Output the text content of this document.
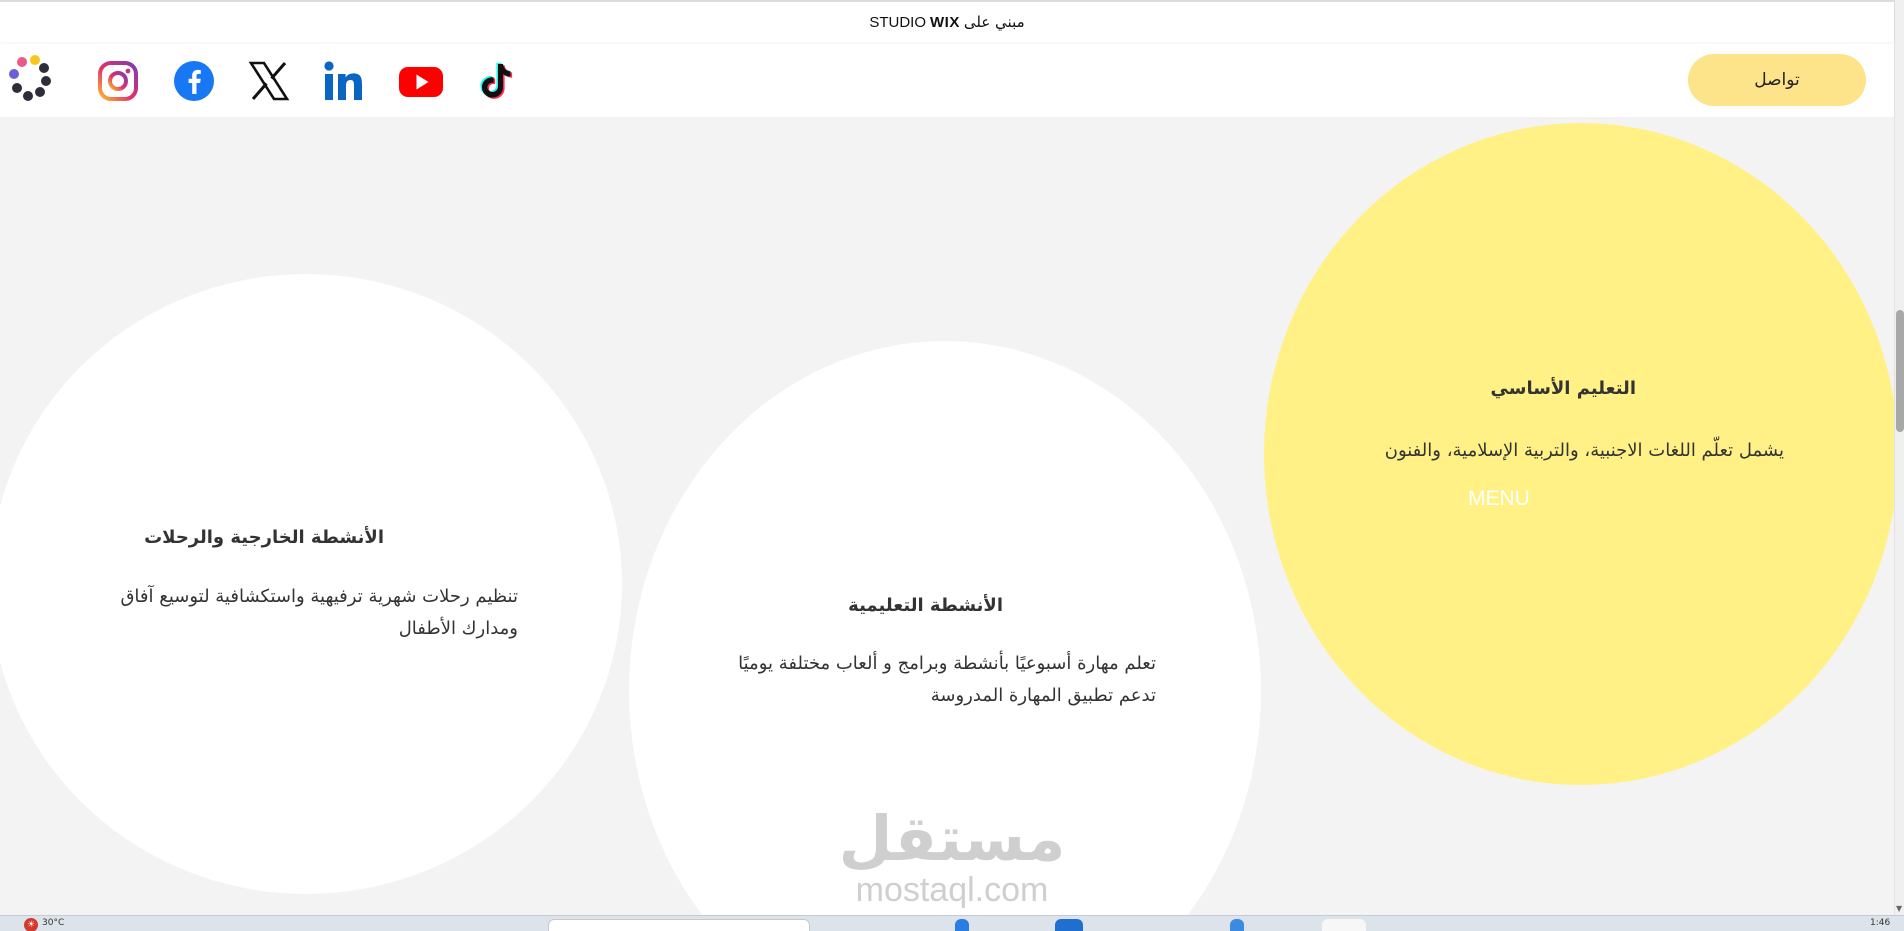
مبني على
WIX
STUDIO
تواصل
التعليم الأساسي
يشمل تعلّم اللغات الاجنبية، والتربية الإسلامية، والفنون
MENU
الأنشطة التعليمية
تعلم مهارة أسبوعيًا بأنشطة وبرامج و ألعاب مختلفة يوميًا تدعم تطبيق المهارة المدروسة
الأنشطة الخارجية والرحلات
تنظيم رحلات شهرية ترفيهية واستكشافية لتوسيع آفاق ومدارك الأطفال
مستقل
mostaql.com	▼
☀ 30°C	1:46
